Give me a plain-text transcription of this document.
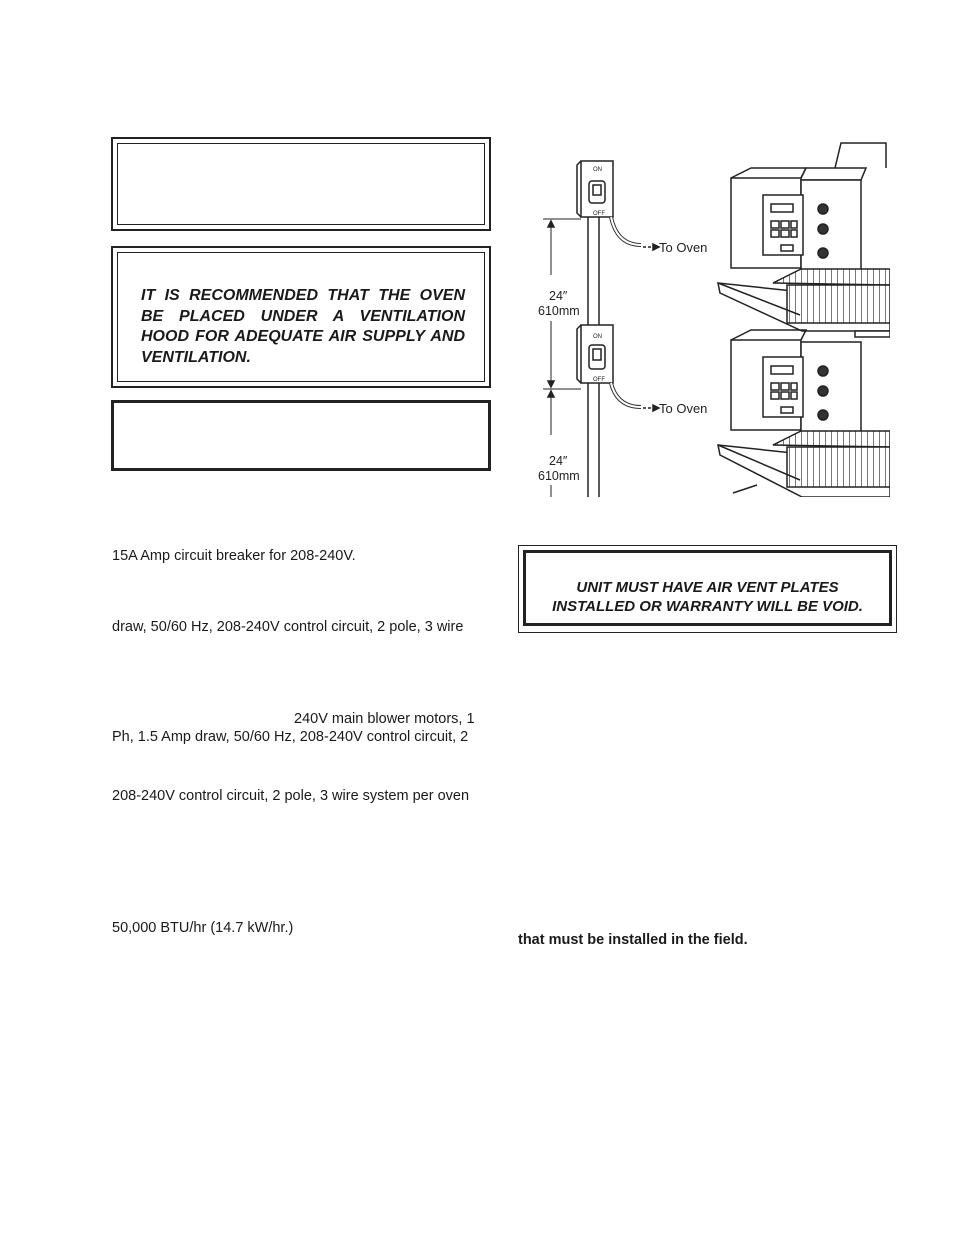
IT IS RECOMMENDED THAT THE OVEN BE PLACED UNDER A VENTILATION HOOD FOR ADEQUATE AIR SUPPLY AND VENTILATION.
15A Amp circuit breaker for 208-240V.
draw, 50/60 Hz, 208-240V control circuit, 2 pole, 3 wire
240V main blower motors, 1
Ph, 1.5 Amp draw, 50/60 Hz, 208-240V control circuit, 2
208-240V control circuit, 2 pole, 3 wire system per oven
50,000 BTU/hr (14.7 kW/hr.)
ON
OFF
ON
OFF
To Oven
To Oven
24″
610mm
24″
610mm
UNIT MUST HAVE AIR VENT PLATES
INSTALLED OR WARRANTY WILL BE VOID.
that must be installed in the field.
